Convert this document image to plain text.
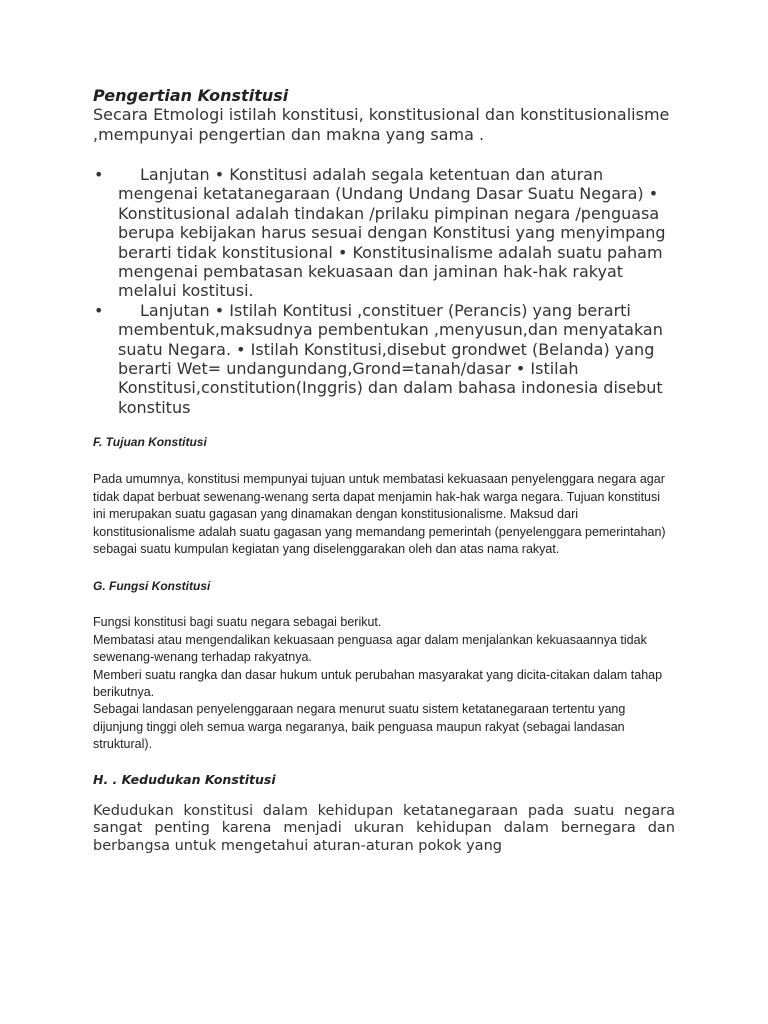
Pengertian Konstitusi

Secara Etmologi istilah konstitusi, konstitusional dan konstitusionalisme ,mempunyai pengertian dan makna yang sama .

• Lanjutan • Konstitusi adalah segala ketentuan dan aturan mengenai ketatanegaraan (Undang Undang Dasar Suatu Negara) • Konstitusional adalah tindakan /prilaku pimpinan negara /penguasa berupa kebijakan harus sesuai dengan Konstitusi yang menyimpang berarti tidak konstitusional • Konstitusinalisme adalah suatu paham mengenai pembatasan kekuasaan dan jaminan hak-hak rakyat melalui kostitusi.
• Lanjutan • Istilah Kontitusi ,constituer (Perancis) yang berarti membentuk,maksudnya pembentukan ,menyusun,dan menyatakan suatu Negara. • Istilah Konstitusi,disebut grondwet (Belanda) yang berarti Wet= undangundang,Grond=tanah/dasar • Istilah Konstitusi,constitution(Inggris) dan dalam bahasa indonesia disebut konstitus
F. Tujuan Konstitusi

Pada umumnya, konstitusi mempunyai tujuan untuk membatasi kekuasaan penyelenggara negara agar tidak dapat berbuat sewenang-wenang serta dapat menjamin hak-hak warga negara. Tujuan konstitusi ini merupakan suatu gagasan yang dinamakan dengan konstitusionalisme. Maksud dari konstitusionalisme adalah suatu gagasan yang memandang pemerintah (penyelenggara pemerintahan) sebagai suatu kumpulan kegiatan yang diselenggarakan oleh dan atas nama rakyat.

G. Fungsi Konstitusi

Fungsi konstitusi bagi suatu negara sebagai berikut.
Membatasi atau mengendalikan kekuasaan penguasa agar dalam menjalankan kekuasaannya tidak sewenang-wenang terhadap rakyatnya.
Memberi suatu rangka dan dasar hukum untuk perubahan masyarakat yang dicita-citakan dalam tahap berikutnya.
Sebagai landasan penyelenggaraan negara menurut suatu sistem ketatanegaraan tertentu yang dijunjung tinggi oleh semua warga negaranya, baik penguasa maupun rakyat (sebagai landasan struktural).

H. . Kedudukan Konstitusi

Kedudukan konstitusi dalam kehidupan ketatanegaraan pada suatu negara sangat penting karena menjadi ukuran kehidupan dalam bernegara dan berbangsa untuk mengetahui aturan-aturan pokok yang
